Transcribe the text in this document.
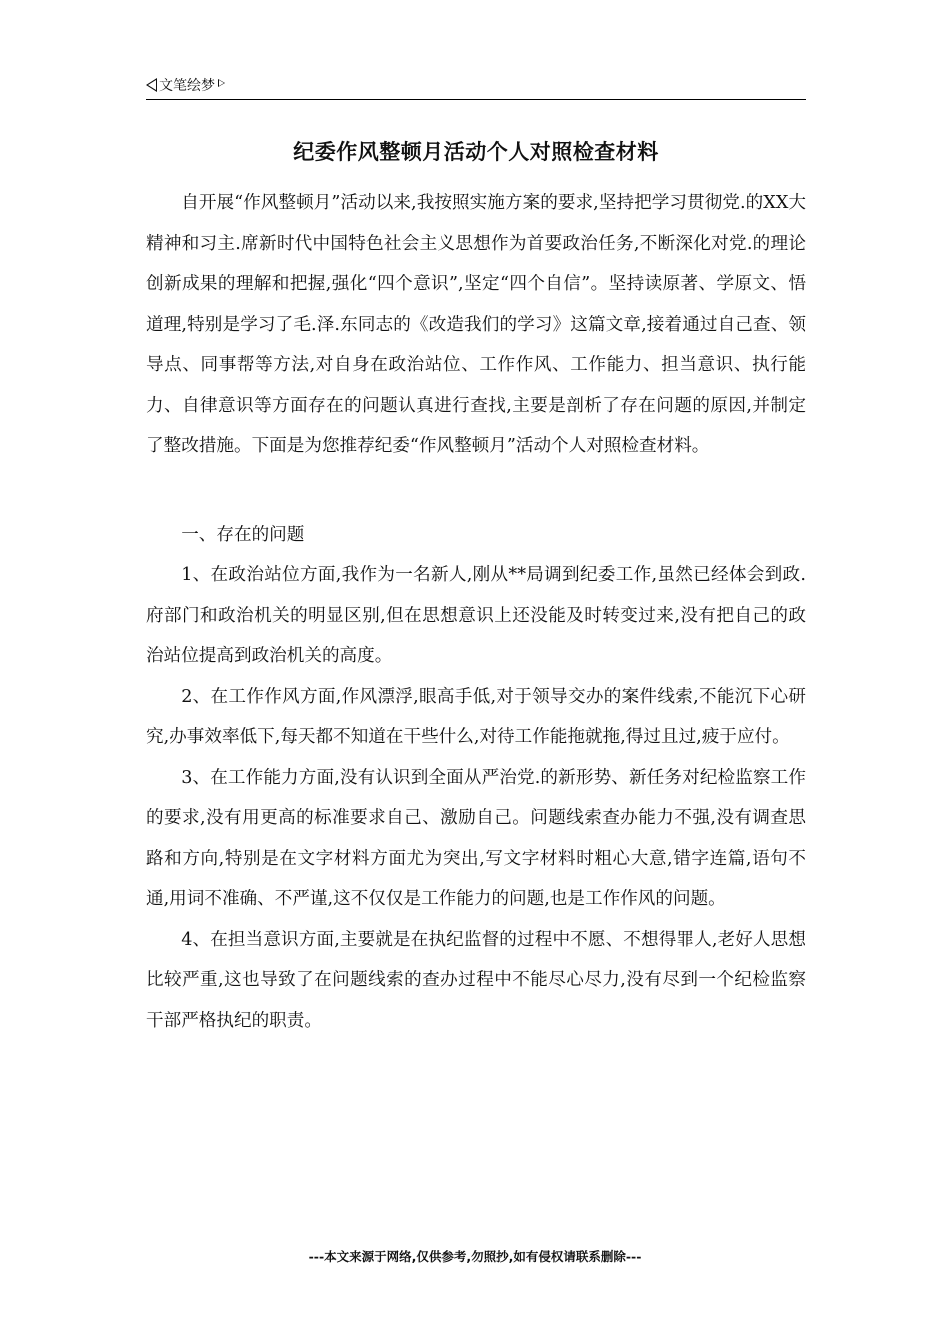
文笔绘梦
纪委作风整顿月活动个人对照检查材料

自开展“作风整顿月”活动以来,我按照实施方案的要求,坚持把学习贯彻党.的XX大精神和习主.席新时代中国特色社会主义思想作为首要政治任务,不断深化对党.的理论创新成果的理解和把握,强化“四个意识”,坚定“四个自信”。坚持读原著、学原文、悟道理,特别是学习了毛.泽.东同志的《改造我们的学习》这篇文章,接着通过自己查、领导点、同事帮等方法,对自身在政治站位、工作作风、工作能力、担当意识、执行能力、自律意识等方面存在的问题认真进行查找,主要是剖析了存在问题的原因,并制定了整改措施。下面是为您推荐纪委“作风整顿月”活动个人对照检查材料。

一、存在的问题

1、在政治站位方面,我作为一名新人,刚从**局调到纪委工作,虽然已经体会到政.府部门和政治机关的明显区别,但在思想意识上还没能及时转变过来,没有把自己的政治站位提高到政治机关的高度。

2、在工作作风方面,作风漂浮,眼高手低,对于领导交办的案件线索,不能沉下心研究,办事效率低下,每天都不知道在干些什么,对待工作能拖就拖,得过且过,疲于应付。

3、在工作能力方面,没有认识到全面从严治党.的新形势、新任务对纪检监察工作的要求,没有用更高的标准要求自己、激励自己。问题线索查办能力不强,没有调查思路和方向,特别是在文字材料方面尤为突出,写文字材料时粗心大意,错字连篇,语句不通,用词不准确、不严谨,这不仅仅是工作能力的问题,也是工作作风的问题。

4、在担当意识方面,主要就是在执纪监督的过程中不愿、不想得罪人,老好人思想比较严重,这也导致了在问题线索的查办过程中不能尽心尽力,没有尽到一个纪检监察干部严格执纪的职责。

---本文来源于网络,仅供参考,勿照抄,如有侵权请联系删除---
